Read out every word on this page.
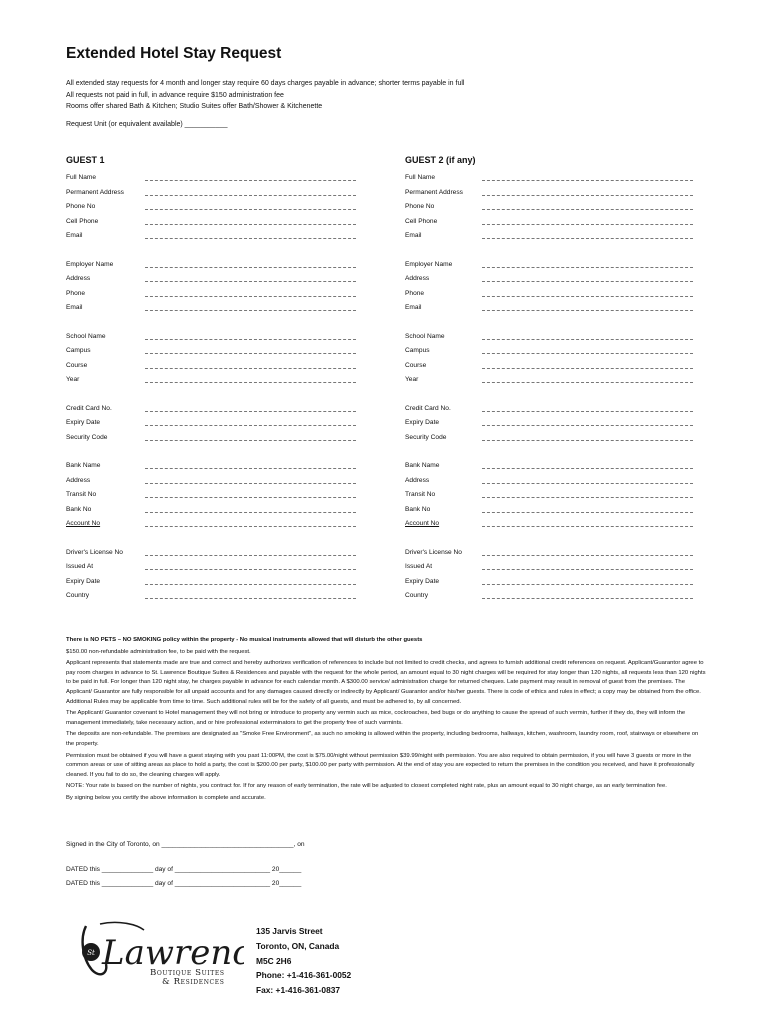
Extended Hotel Stay Request
All extended stay requests for 4 month and longer stay require 60 days charges payable in advance; shorter terms payable in full
All requests not paid in full, in advance require $150 administration fee
Rooms offer shared Bath & Kitchen; Studio Suites offer Bath/Shower & Kitchenette
Request Unit (or equivalent available) ___________
GUEST 1
Full Name
Permanent Address
Phone No
Cell Phone
Email
Employer Name
Address
Phone
Email
School Name
Campus
Course
Year
Credit Card No.
Expiry Date
Security Code
Bank Name
Address
Transit No
Bank No
Account No
Driver's License No
Issued At
Expiry Date
Country
GUEST 2 (if any)
Full Name
Permanent Address
Phone No
Cell Phone
Email
Employer Name
Address
Phone
Email
School Name
Campus
Course
Year
Credit Card No.
Expiry Date
Security Code
Bank Name
Address
Transit No
Bank No
Account No
Driver's License No
Issued At
Expiry Date
Country

There is NO PETS – NO SMOKING policy within the property - No musical instruments allowed that will disturb the other guests

$150.00 non-refundable administration fee, to be paid with the request.

Applicant represents that statements made are true and correct and hereby authorizes verification of references to include but not limited to credit checks, and agrees to furnish additional credit references on request. Applicant/Guarantor agree to pay room charges in advance to St. Lawrence Boutique Suites & Residences and payable with the request for the whole period, an amount equal to 30 night charges will be required for stay longer than 120 nights, all requests less than 120 nights to be paid in full. For longer than 120 night stay, he charges payable in advance for each calendar month. A $300.00 service/ administration charge for returned cheques. Late payment may result in removal of guest from the premises. The Applicant/ Guarantor are fully responsible for all unpaid accounts and for any damages caused directly or indirectly by Applicant/ Guarantor and/or his/her guests. There is code of ethics and rules in effect; a copy may be obtained from the office. Additional Rules may be applicable from time to time. Such additional rules will be for the safety of all guests, and must be adhered to, by all concerned.

The Applicant/ Guarantor covenant to Hotel management they will not bring or introduce to property any vermin such as mice, cockroaches, bed bugs or do anything to cause the spread of such vermin, further if they do, they will inform the management immediately, take necessary action, and or hire professional exterminators to get the property free of such varmints.

The deposits are non-refundable. The premises are designated as "Smoke Free Environment", as such no smoking is allowed within the property, including bedrooms, hallways, kitchen, washroom, laundry room, roof, stairways or elsewhere on the property.

Permission must be obtained if you will have a guest staying with you past 11:00PM, the cost is $75.00/night without permission $39.99/night with permission. You are also required to obtain permission, if you will have 3 guests or more in the common areas or use of sitting areas as place to hold a party, the cost is $200.00 per party, $100.00 per party with permission. At the end of stay you are expected to return the premises in the condition you received, and have it professionally cleaned. If you fail to do so, the cleaning charges will apply.

NOTE: Your rate is based on the number of nights, you contract for. If for any reason of early termination, the rate will be adjusted to closest completed night rate, plus an amount equal to 30 night charge, as an early termination fee.

By signing below you certify the above information is complete and accurate.

Signed in the City of Toronto, on ____________________________________, on
DATED this ______________ day of __________________________ 20______
DATED this ______________ day of __________________________ 20______
St Lawren
Boutique Suites
& Residences
135 Jarvis Street
Toronto, ON, Canada
M5C 2H6
Phone: +1-416-361-0052
Fax: +1-416-361-0837
